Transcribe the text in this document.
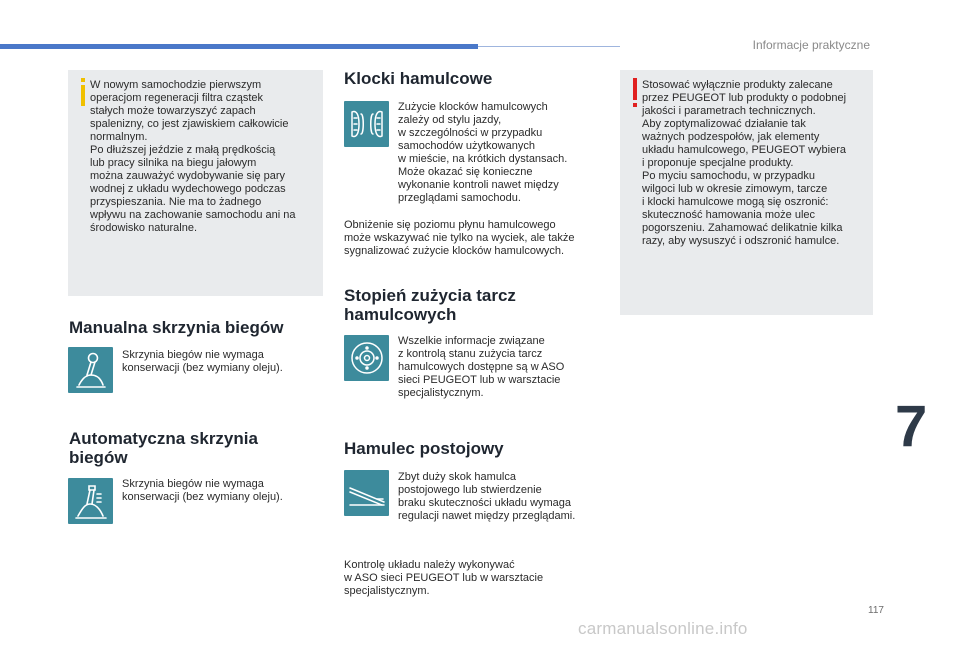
Informacje praktyczne

W nowym samochodzie pierwszym
operacjom regeneracji filtra cząstek
stałych może towarzyszyć zapach
spalenizny, co jest zjawiskiem całkowicie
normalnym.
Po dłuższej jeździe z małą prędkością
lub pracy silnika na biegu jałowym
można zauważyć wydobywanie się pary
wodnej z układu wydechowego podczas
przyspieszania. Nie ma to żadnego
wpływu na zachowanie samochodu ani na
środowisko naturalne.

Manualna skrzynia biegów

Skrzynia biegów nie wymaga
konserwacji (bez wymiany oleju).

Automatyczna skrzynia
biegów

Skrzynia biegów nie wymaga
konserwacji (bez wymiany oleju).

Klocki hamulcowe

Zużycie klocków hamulcowych
zależy od stylu jazdy,
w szczególności w przypadku
samochodów użytkowanych
w mieście, na krótkich dystansach.
Może okazać się konieczne
wykonanie kontroli nawet między
przeglądami samochodu.

Obniżenie się poziomu płynu hamulcowego
może wskazywać nie tylko na wyciek, ale także
sygnalizować zużycie klocków hamulcowych.

Stopień zużycia tarcz
hamulcowych

Wszelkie informacje związane
z kontrolą stanu zużycia tarcz
hamulcowych dostępne są w ASO
sieci PEUGEOT lub w warsztacie
specjalistycznym.

Hamulec postojowy

Zbyt duży skok hamulca
postojowego lub stwierdzenie
braku skuteczności układu wymaga
regulacji nawet między przeglądami.

Kontrolę układu należy wykonywać
w ASO sieci PEUGEOT lub w warsztacie
specjalistycznym.

Stosować wyłącznie produkty zalecane
przez PEUGEOT lub produkty o podobnej
jakości i parametrach technicznych.
Aby zoptymalizować działanie tak
ważnych podzespołów, jak elementy
układu hamulcowego, PEUGEOT wybiera
i proponuje specjalne produkty.
Po myciu samochodu, w przypadku
wilgoci lub w okresie zimowym, tarcze
i klocki hamulcowe mogą się oszronić:
skuteczność hamowania może ulec
pogorszeniu. Zahamować delikatnie kilka
razy, aby wysuszyć i odszronić hamulce.

7
117
carmanualsonline.info
